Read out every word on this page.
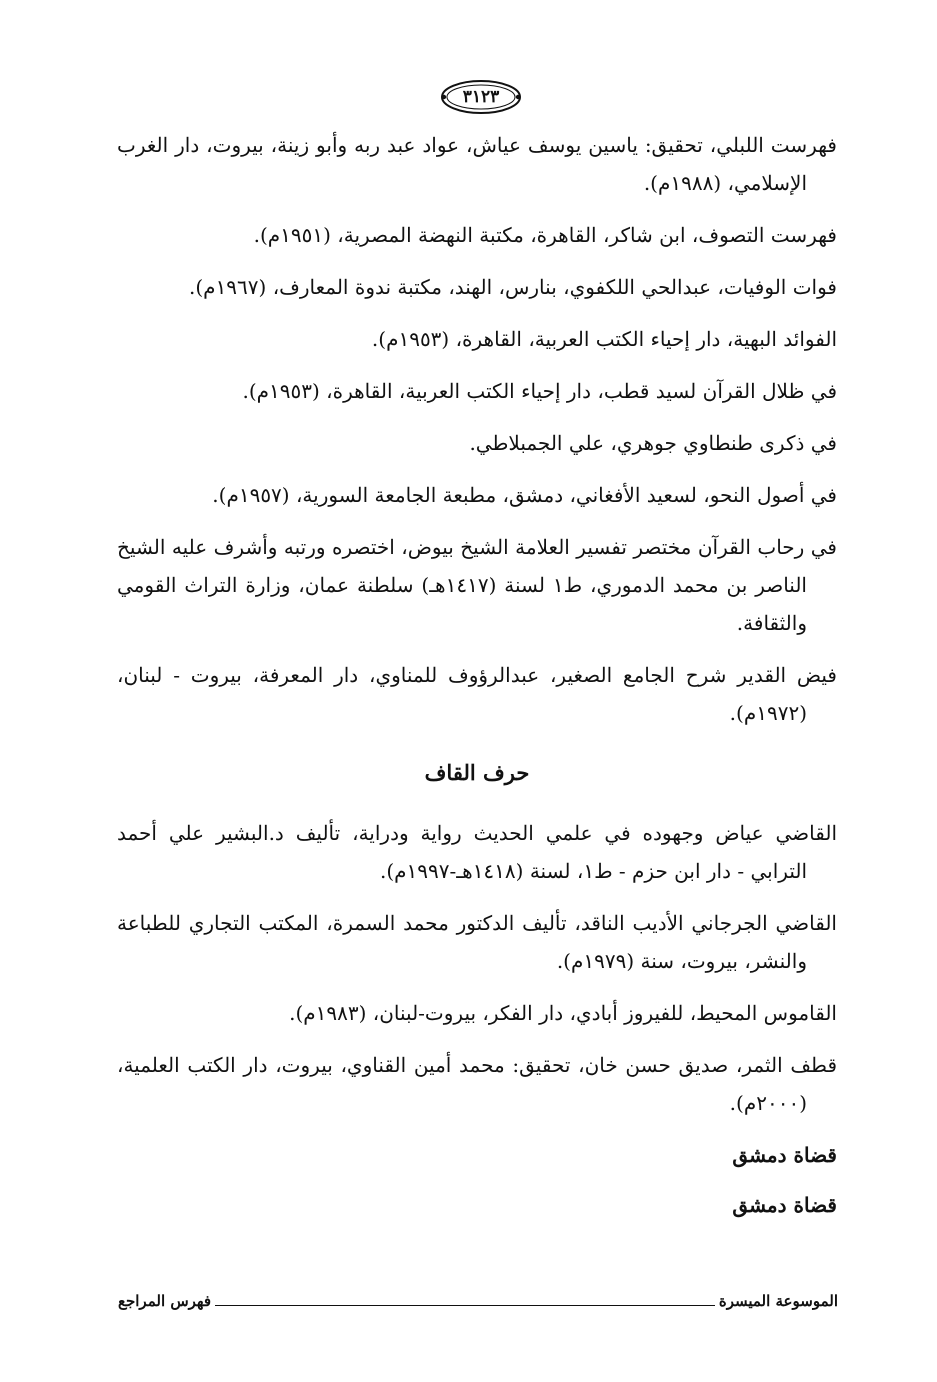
٣١٢٣

فهرست اللبلي، تحقيق: ياسين يوسف عياش، عواد عبد ربه وأبو زينة، بيروت، دار الغرب الإسلامي، (١٩٨٨م).

فهرست التصوف، ابن شاكر، القاهرة، مكتبة النهضة المصرية، (١٩٥١م).

فوات الوفيات، عبدالحي اللكفوي، بنارس، الهند، مكتبة ندوة المعارف، (١٩٦٧م).

الفوائد البهية، دار إحياء الكتب العربية، القاهرة، (١٩٥٣م).

في ظلال القرآن لسيد قطب، دار إحياء الكتب العربية، القاهرة، (١٩٥٣م).

في ذكرى طنطاوي جوهري، علي الجمبلاطي.

في أصول النحو، لسعيد الأفغاني، دمشق، مطبعة الجامعة السورية، (١٩٥٧م).

في رحاب القرآن مختصر تفسير العلامة الشيخ بيوض، اختصره ورتبه وأشرف عليه الشيخ الناصر بن محمد الدموري، ط١ لسنة (١٤١٧هـ) سلطنة عمان، وزارة التراث القومي والثقافة.

فيض القدير شرح الجامع الصغير، عبدالرؤوف للمناوي، دار المعرفة، بيروت - لبنان، (١٩٧٢م).

حرف القاف

القاضي عياض وجهوده في علمي الحديث رواية ودراية، تأليف د.البشير علي أحمد الترابي - دار ابن حزم - ط١، لسنة (١٤١٨هـ-١٩٩٧م).

القاضي الجرجاني الأديب الناقد، تأليف الدكتور محمد السمرة، المكتب التجاري للطباعة والنشر، بيروت، سنة (١٩٧٩م).

القاموس المحيط، للفيروز أبادي، دار الفكر، بيروت-لبنان، (١٩٨٣م).

قطف الثمر، صديق حسن خان، تحقيق: محمد أمين القناوي، بيروت، دار الكتب العلمية، (٢٠٠٠م).

قضاة دمشق

قضاة دمشق

الموسوعة الميسرة
فهرس المراجع
